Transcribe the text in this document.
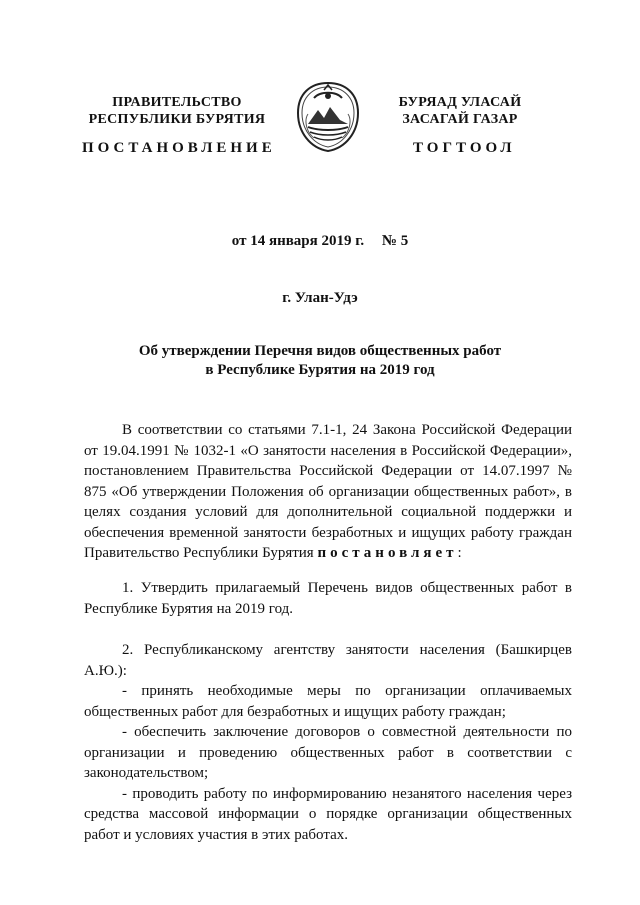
ПРАВИТЕЛЬСТВО
РЕСПУБЛИКИ БУРЯТИЯ
БУРЯАД УЛАСАЙ
ЗАСАГАЙ ГАЗАР
ПОСТАНОВЛЕНИЕ	ТОГТООЛ
от 14 января 2019 г. № 5
г. Улан-Удэ
Об утверждении Перечня видов общественных работ
в Республике Бурятия на 2019 год
В соответствии со статьями 7.1-1, 24 Закона Российской Федерации от 19.04.1991 № 1032-1 «О занятости населения в Российской Федерации», постановлением Правительства Российской Федерации от 14.07.1997 № 875 «Об утверждении Положения об организации общественных работ», в целях создания условий для дополнительной социальной поддержки и обеспечения временной занятости безработных и ищущих работу граждан Правительство Республики Бурятия постановляет:
1. Утвердить прилагаемый Перечень видов общественных работ в Республике Бурятия на 2019 год.

2. Республиканскому агентству занятости населения (Башкирцев А.Ю.):

- принять необходимые меры по организации оплачиваемых общественных работ для безработных и ищущих работу граждан;

- обеспечить заключение договоров о совместной деятельности по организации и проведению общественных работ в соответствии с законодательством;

- проводить работу по информированию незанятого населения через средства массовой информации о порядке организации общественных работ и условиях участия в этих работах.
